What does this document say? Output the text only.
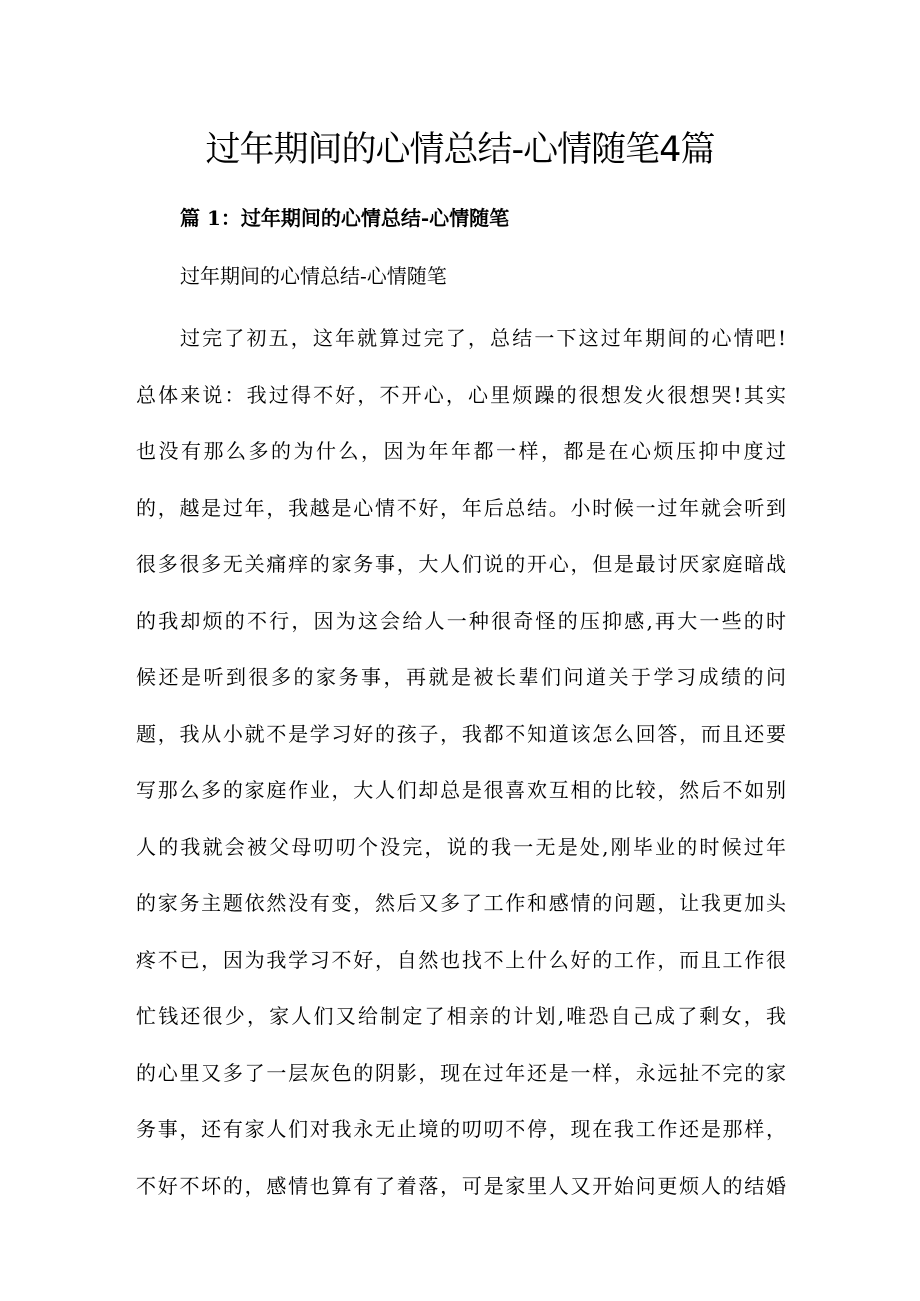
过年期间的心情总结-心情随笔4篇
篇 1：过年期间的心情总结-心情随笔

过年期间的心情总结-心情随笔

过完了初五，这年就算过完了，总结一下这过年期间的心情吧!
总体来说：我过得不好，不开心，心里烦躁的很想发火很想哭!其实
也没有那么多的为什么，因为年年都一样，都是在心烦压抑中度过
的，越是过年，我越是心情不好，年后总结。小时候一过年就会听到
很多很多无关痛痒的家务事，大人们说的开心，但是最讨厌家庭暗战
的我却烦的不行，因为这会给人一种很奇怪的压抑感,再大一些的时
候还是听到很多的家务事，再就是被长辈们问道关于学习成绩的问
题，我从小就不是学习好的孩子，我都不知道该怎么回答，而且还要
写那么多的家庭作业，大人们却总是很喜欢互相的比较，然后不如别
人的我就会被父母叨叨个没完，说的我一无是处,刚毕业的时候过年
的家务主题依然没有变，然后又多了工作和感情的问题，让我更加头
疼不已，因为我学习不好，自然也找不上什么好的工作，而且工作很
忙钱还很少，家人们又给制定了相亲的计划,唯恐自己成了剩女，我
的心里又多了一层灰色的阴影，现在过年还是一样，永远扯不完的家
务事，还有家人们对我永无止境的叨叨不停，现在我工作还是那样，
不好不坏的，感情也算有了着落，可是家里人又开始问更烦人的结婚
